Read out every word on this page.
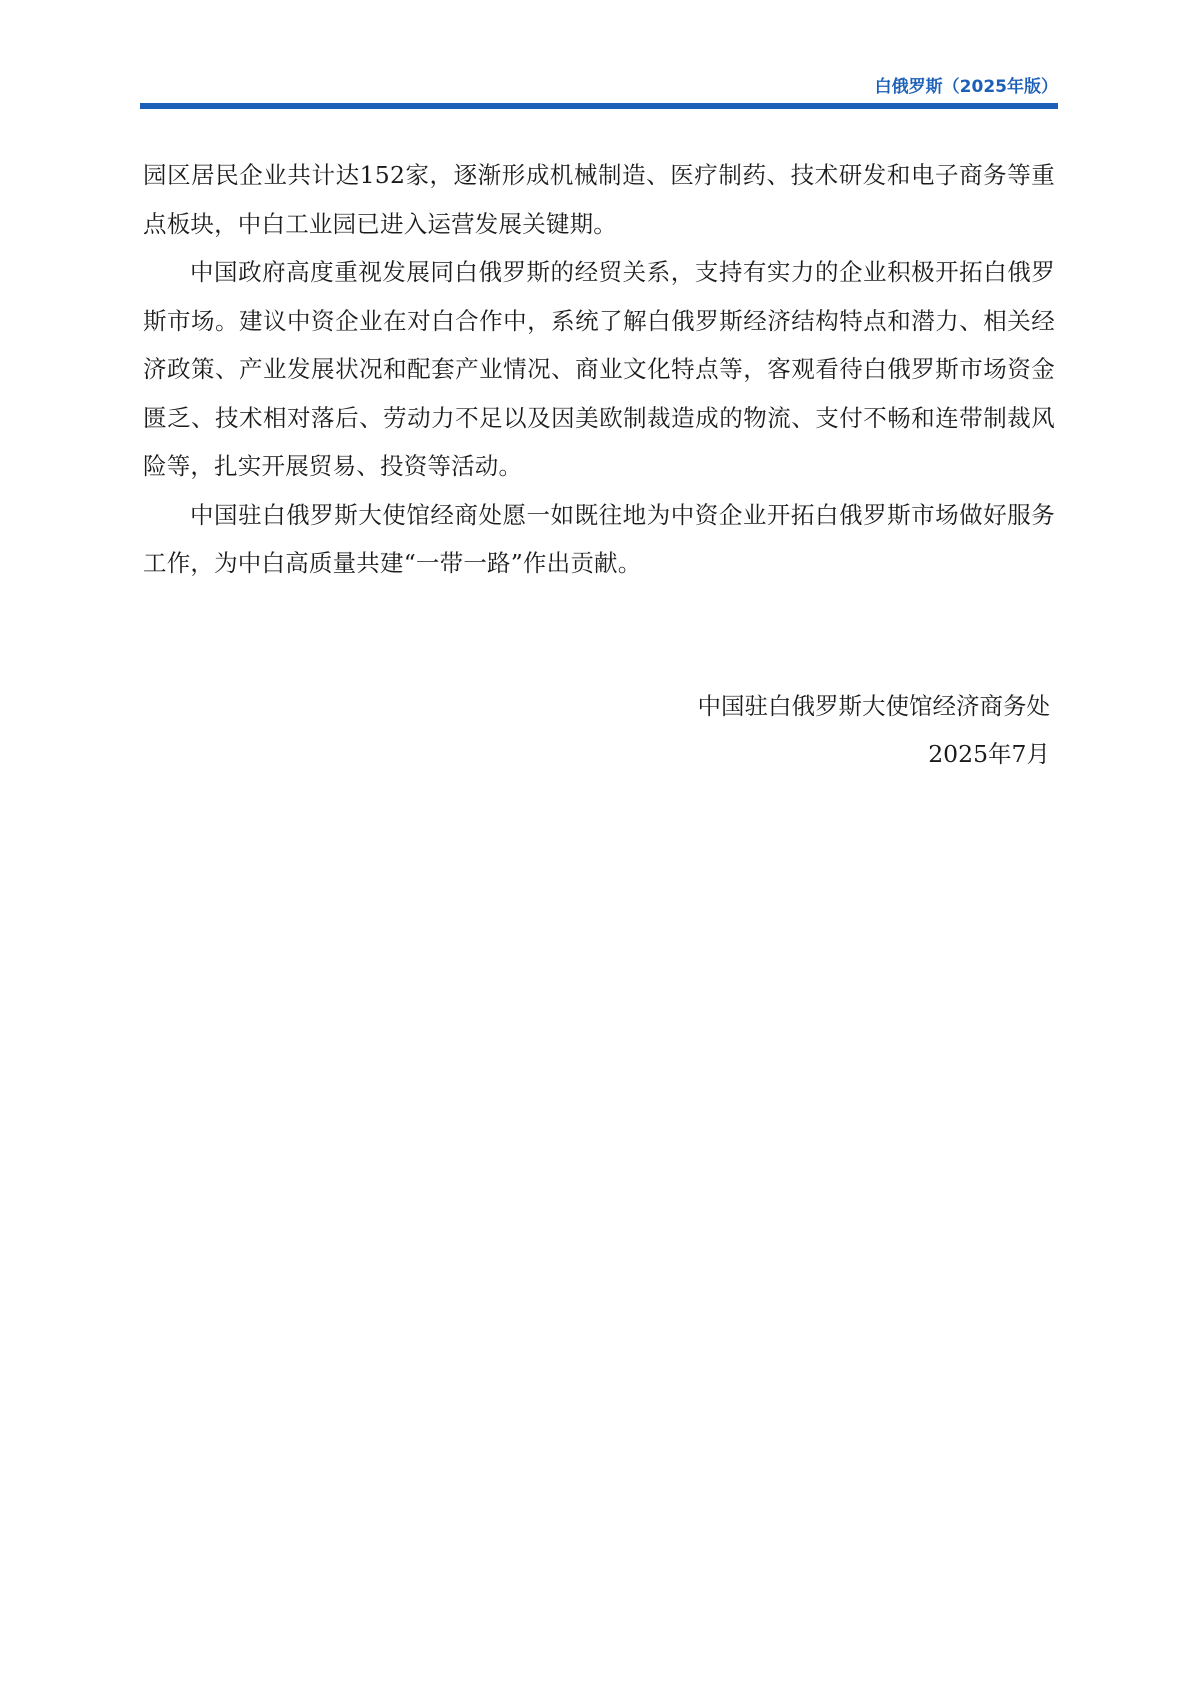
白俄罗斯（2025年版）

园区居民企业共计达152家，逐渐形成机械制造、医疗制药、技术研发和电子商务等重点板块，中白工业园已进入运营发展关键期。

中国政府高度重视发展同白俄罗斯的经贸关系，支持有实力的企业积极开拓白俄罗斯市场。建议中资企业在对白合作中，系统了解白俄罗斯经济结构特点和潜力、相关经济政策、产业发展状况和配套产业情况、商业文化特点等，客观看待白俄罗斯市场资金匮乏、技术相对落后、劳动力不足以及因美欧制裁造成的物流、支付不畅和连带制裁风险等，扎实开展贸易、投资等活动。

中国驻白俄罗斯大使馆经商处愿一如既往地为中资企业开拓白俄罗斯市场做好服务工作，为中白高质量共建“一带一路”作出贡献。

中国驻白俄罗斯大使馆经济商务处

2025年7月
